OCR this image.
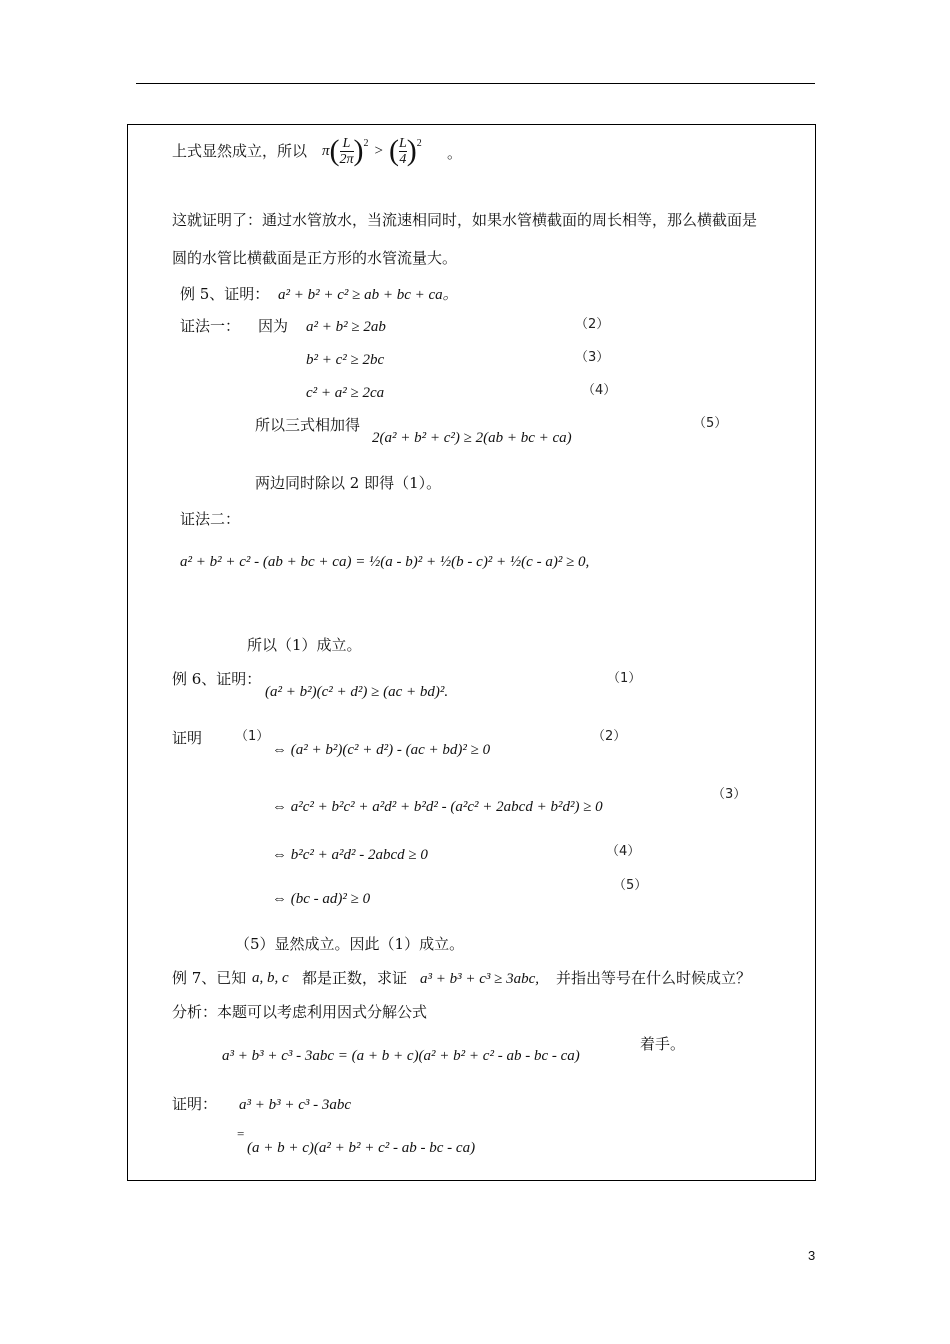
上式显然成立，所以 π ( $\frac{L}{2\pi}$ ) 2 > ( $\frac{L}{4}$ ) 2
。
这就证明了：通过水管放水，当流速相同时，如果水管横截面的周长相等，那么横截面是
圆的水管比横截面是正方形的水管流量大。
例 5、证明： a² + b² + c² ≥ ab + bc + ca。
证法一： 因为 a² + b² ≥ 2ab	（2）
b² + c² ≥ 2bc	（3）
c² + a² ≥ 2ca	（4）
所以三式相加得
2(a² + b² + c²) ≥ 2(ab + bc + ca)
（5）
两边同时除以 2 即得（1）。
证法二：
a² + b² + c² - (ab + bc + ca) = ½(a - b)² + ½(b - c)² + ½(c - a)² ≥ 0,
所以（1）成立。
例 6、证明：
(a² + b²)(c² + d²) ≥ (ac + bd)².
（1）
证明	（1）
⇔ (a² + b²)(c² + d²) - (ac + bd)² ≥ 0
（2）
⇔ a²c² + b²c² + a²d² + b²d² - (a²c² + 2abcd + b²d²) ≥ 0
（3）
⇔ b²c² + a²d² - 2abcd ≥ 0	（4）
⇔ (bc - ad)² ≥ 0
（5）
（5）显然成立。因此（1）成立。
例 7、已知 a, b, c 都是正数，求证 a³ + b³ + c³ ≥ 3abc, 并指出等号在什么时候成立？
分析：本题可以考虑利用因式分解公式
a³ + b³ + c³ - 3abc = (a + b + c)(a² + b² + c² - ab - bc - ca)
着手。
证明： a³ + b³ + c³ - 3abc
=
(a + b + c)(a² + b² + c² - ab - bc - ca)
3
